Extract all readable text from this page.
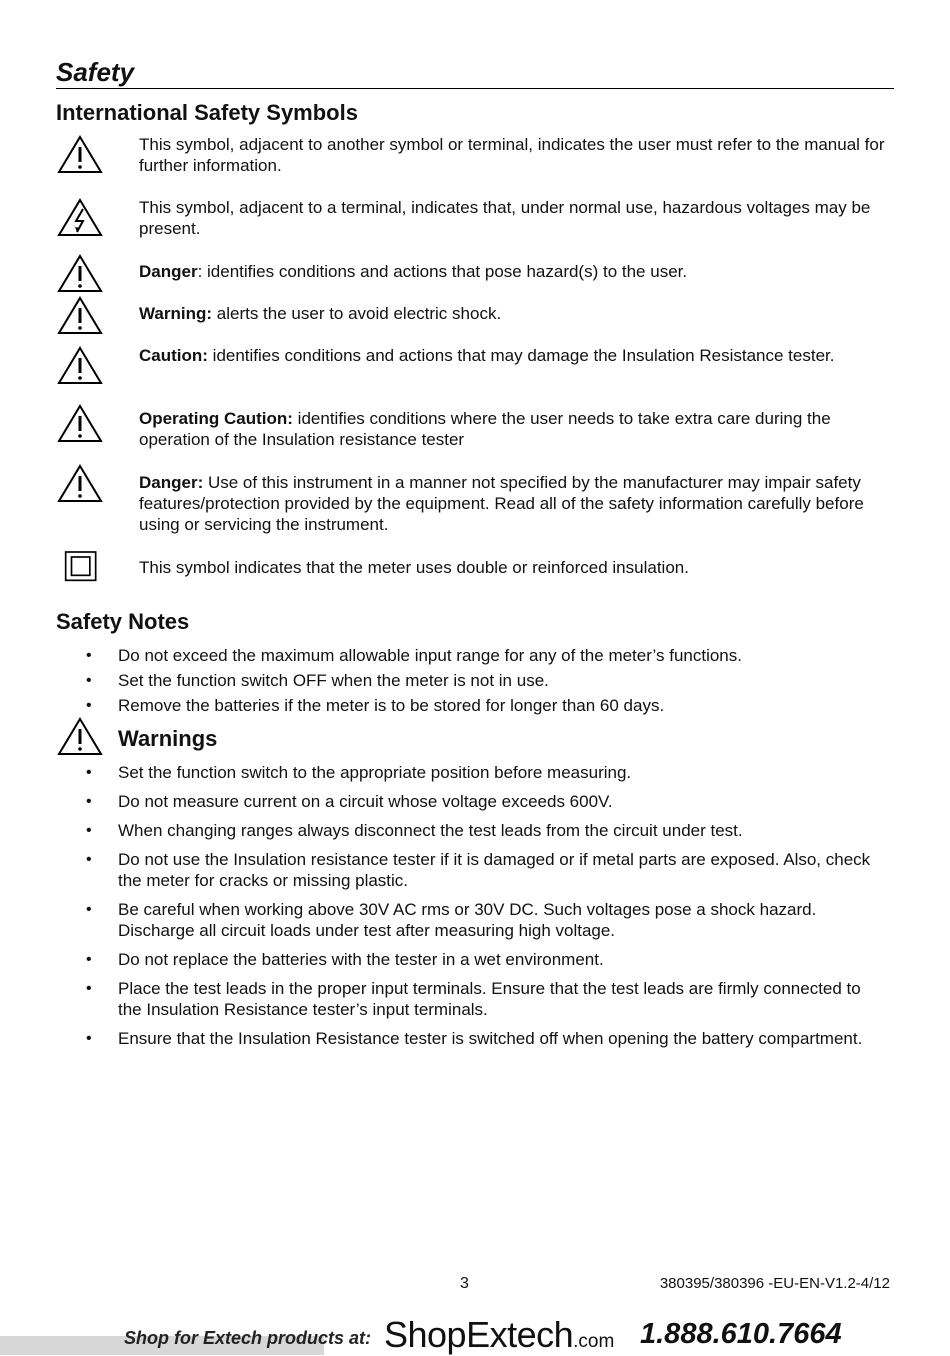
Safety
International Safety Symbols
This symbol, adjacent to another symbol or terminal, indicates the user must refer to the manual for further information.
This symbol, adjacent to a terminal, indicates that, under normal use, hazardous voltages may be present.
Danger: identifies conditions and actions that pose hazard(s) to the user.
Warning: alerts the user to avoid electric shock.
Caution: identifies conditions and actions that may damage the Insulation Resistance tester.
Operating Caution: identifies conditions where the user needs to take extra care during the operation of the Insulation resistance tester
Danger: Use of this instrument in a manner not specified by the manufacturer may impair safety features/protection provided by the equipment. Read all of the safety information carefully before using or servicing the instrument.
This symbol indicates that the meter uses double or reinforced insulation.
Safety Notes
• Do not exceed the maximum allowable input range for any of the meter’s functions.
• Set the function switch OFF when the meter is not in use.
• Remove the batteries if the meter is to be stored for longer than 60 days.
Warnings
• Set the function switch to the appropriate position before measuring.
• Do not measure current on a circuit whose voltage exceeds 600V.
• When changing ranges always disconnect the test leads from the circuit under test.
• Do not use the Insulation resistance tester if it is damaged or if metal parts are exposed. Also, check the meter for cracks or missing plastic.
• Be careful when working above 30V AC rms or 30V DC. Such voltages pose a shock hazard. Discharge all circuit loads under test after measuring high voltage.
• Do not replace the batteries with the tester in a wet environment.
• Place the test leads in the proper input terminals. Ensure that the test leads are firmly connected to the Insulation Resistance tester’s input terminals.
• Ensure that the Insulation Resistance tester is switched off when opening the battery compartment.
3	380395/380396 -EU-EN-V1.2-4/12
Shop for Extech products at: ShopExtech.com 1.888.610.7664
